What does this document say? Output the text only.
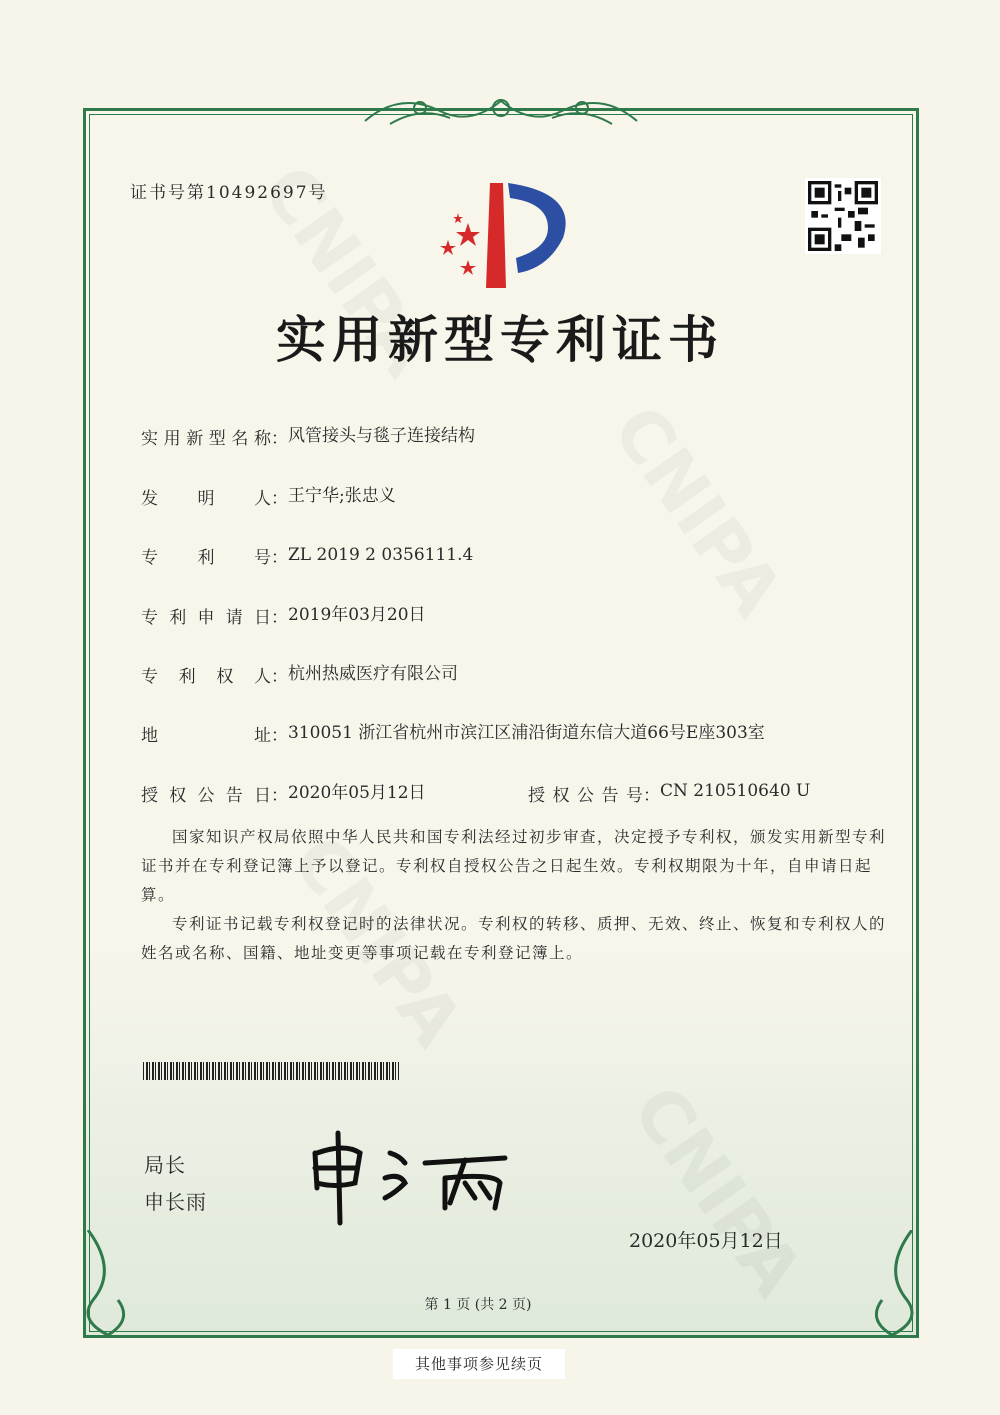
证书号第10492697号
实用新型专利证书
实 用 新 型 名 称 ： 风管接头与毯子连接结构
发 明 人 ： 王宁华;张忠义
专 利 号 ： ZL 2019 2 0356111.4
专 利 申 请 日 ： 2019年03月20日
专 利 权 人 ： 杭州热威医疗有限公司
地	址 ： 310051 浙江省杭州市滨江区浦沿街道东信大道66号E座303室
授 权 公 告 日 ： 2020年05月12日	授 权 公 告 号 ： CN 210510640 U
国家知识产权局依照中华人民共和国专利法经过初步审查，决定授予专利权，颁发实用新型专利证书并在专利登记簿上予以登记。专利权自授权公告之日起生效。专利权期限为十年，自申请日起算。
专利证书记载专利权登记时的法律状况。专利权的转移、质押、无效、终止、恢复和专利权人的姓名或名称、国籍、地址变更等事项记载在专利登记簿上。
局长
申长雨
2020年05月12日
第 1 页 (共 2 页)
其他事项参见续页
